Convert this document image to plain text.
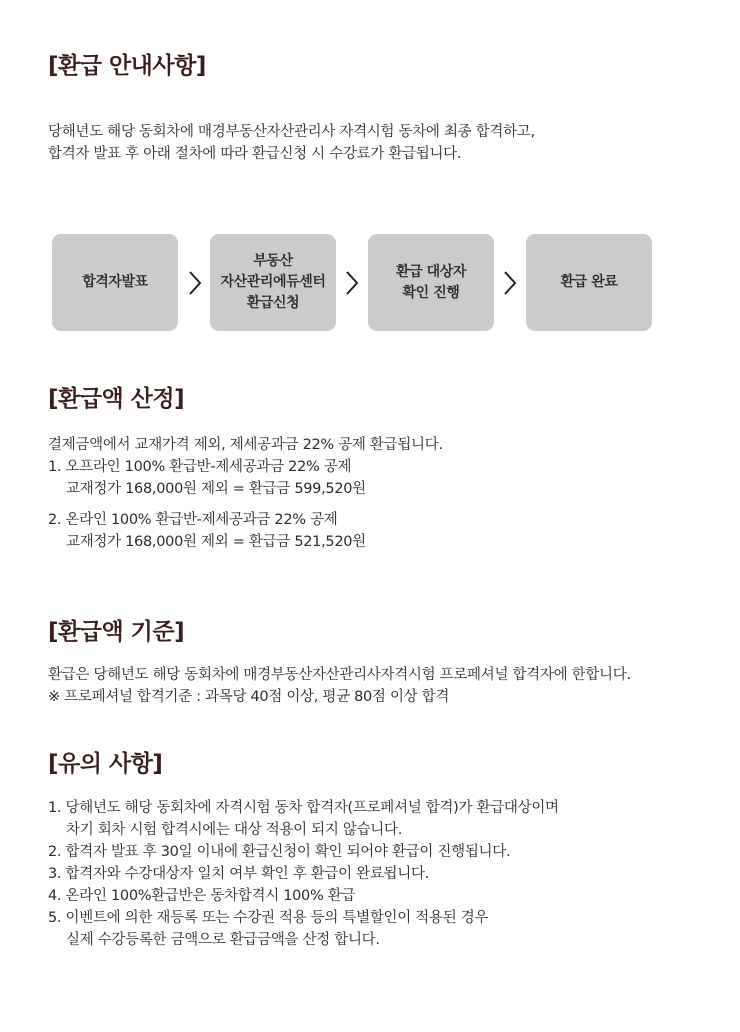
[환급 안내사항]

당해년도 해당 동회차에 매경부동산자산관리사 자격시험 동차에 최종 합격하고,
합격자 발표 후 아래 절차에 따라 환급신청 시 수강료가 환급됩니다.

합격자발표
부동산
자산관리에듀센터
환급신청
환급 대상자
확인 진행
환급 완료
[환급액 산정]

결제금액에서 교재가격 제외, 제세공과금 22% 공제 환급됩니다.
1. 오프라인 100% 환급반-제세공과금 22% 공제
교재정가 168,000원 제외 = 환급금 599,520원
2. 온라인 100% 환급반-제세공과금 22% 공제
교재정가 168,000원 제외 = 환급금 521,520원

[환급액 기준]

환급은 당해년도 해당 동회차에 매경부동산자산관리사자격시험 프로페셔널 합격자에 한합니다.
※ 프로페셔널 합격기준 : 과목당 40점 이상, 평균 80점 이상 합격

[유의 사항]

1. 당해년도 해당 동회차에 자격시험 동차 합격자(프로페셔널 합격)가 환급대상이며
차기 회차 시험 합격시에는 대상 적용이 되지 않습니다.
2. 합격자 발표 후 30일 이내에 환급신청이 확인 되어야 환급이 진행됩니다.
3. 합격자와 수강대상자 일치 여부 확인 후 환급이 완료됩니다.
4. 온라인 100%환급반은 동차합격시 100% 환급
5. 이벤트에 의한 재등록 또는 수강권 적용 등의 특별할인이 적용된 경우
실제 수강등록한 금액으로 환급금액을 산정 합니다.
